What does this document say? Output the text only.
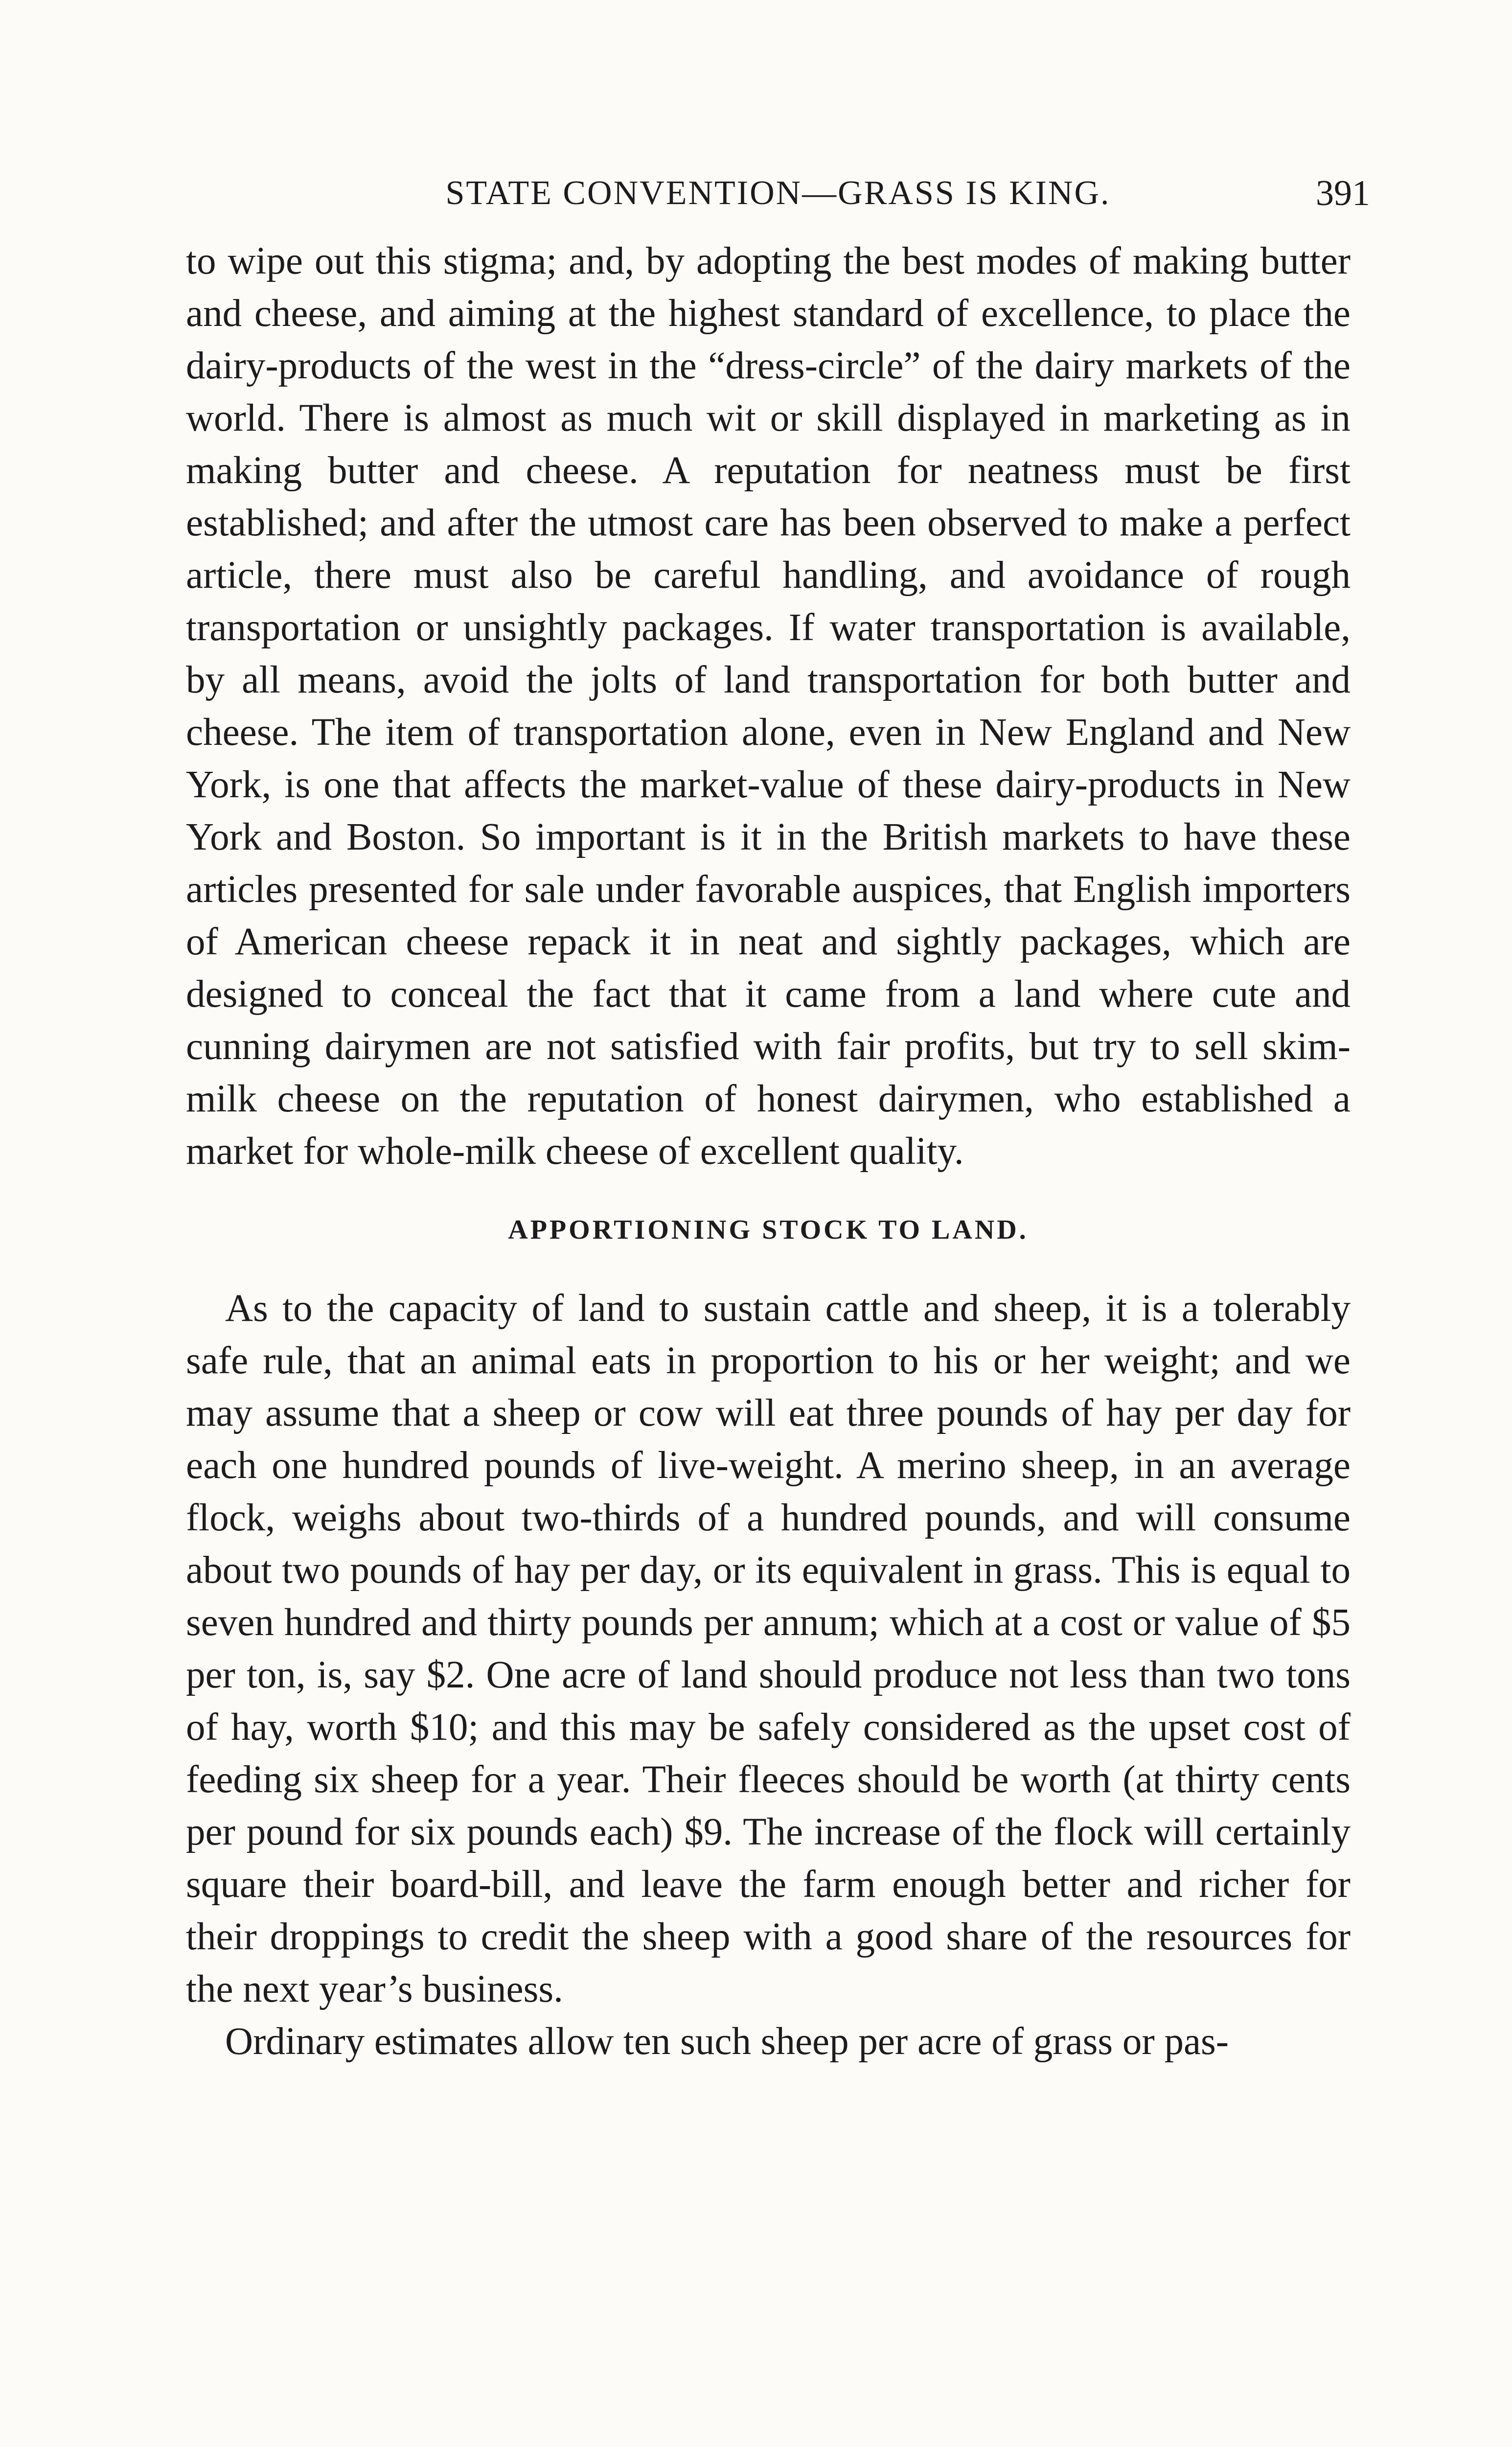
STATE CONVENTION—GRASS IS KING.	391

to wipe out this stigma; and, by adopting the best modes of making butter and cheese, and aiming at the highest standard of excellence, to place the dairy-products of the west in the “dress-circle” of the dairy markets of the world. There is almost as much wit or skill displayed in marketing as in making butter and cheese. A reputation for neatness must be first established; and after the utmost care has been observed to make a perfect article, there must also be careful handling, and avoidance of rough transportation or unsightly packages. If water transportation is available, by all means, avoid the jolts of land transportation for both butter and cheese. The item of transportation alone, even in New England and New York, is one that affects the market-value of these dairy-products in New York and Boston. So important is it in the British markets to have these articles presented for sale under favorable auspices, that English importers of American cheese repack it in neat and sightly packages, which are designed to conceal the fact that it came from a land where cute and cunning dairymen are not satisfied with fair profits, but try to sell skim-milk cheese on the reputation of honest dairymen, who established a market for whole-milk cheese of excellent quality.

APPORTIONING STOCK TO LAND.

As to the capacity of land to sustain cattle and sheep, it is a tolerably safe rule, that an animal eats in proportion to his or her weight; and we may assume that a sheep or cow will eat three pounds of hay per day for each one hundred pounds of live-weight. A merino sheep, in an average flock, weighs about two-thirds of a hundred pounds, and will consume about two pounds of hay per day, or its equivalent in grass. This is equal to seven hundred and thirty pounds per annum; which at a cost or value of $5 per ton, is, say $2. One acre of land should produce not less than two tons of hay, worth $10; and this may be safely considered as the upset cost of feeding six sheep for a year. Their fleeces should be worth (at thirty cents per pound for six pounds each) $9. The increase of the flock will certainly square their board-bill, and leave the farm enough better and richer for their droppings to credit the sheep with a good share of the resources for the next year’s business.

Ordinary estimates allow ten such sheep per acre of grass or pas-
